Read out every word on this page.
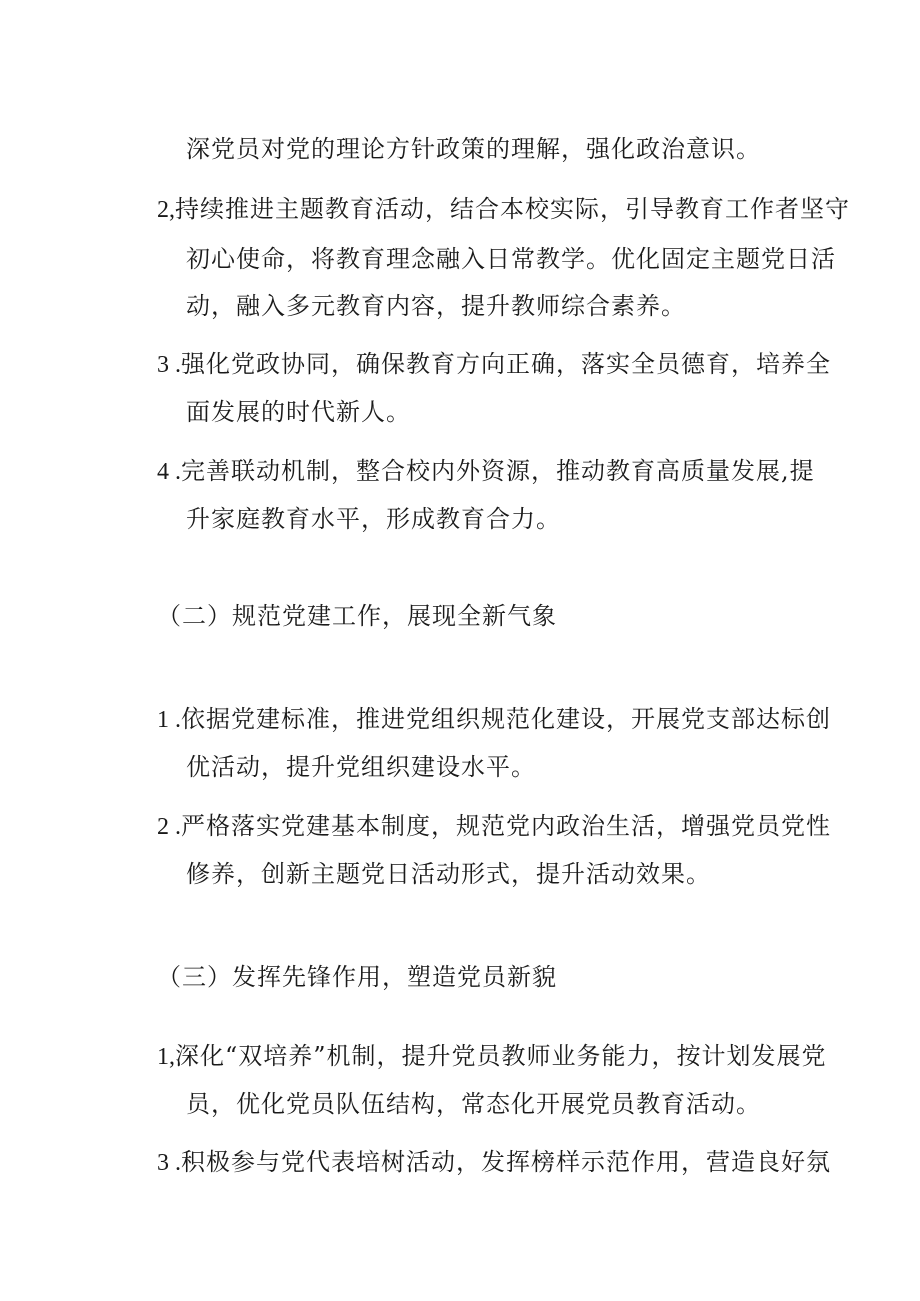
深党员对党的理论方针政策的理解，强化政治意识。
2,持续推进主题教育活动，结合本校实际，引导教育工作者坚守
初心使命，将教育理念融入日常教学。优化固定主题党日活
动，融入多元教育内容，提升教师综合素养。
3 .强化党政协同，确保教育方向正确，落实全员德育，培养全
面发展的时代新人。
4 .完善联动机制，整合校内外资源，推动教育高质量发展,提
升家庭教育水平，形成教育合力。
（二）规范党建工作，展现全新气象
1 .依据党建标准，推进党组织规范化建设，开展党支部达标创
优活动，提升党组织建设水平。
2 .严格落实党建基本制度，规范党内政治生活，增强党员党性
修养，创新主题党日活动形式，提升活动效果。
（三）发挥先锋作用，塑造党员新貌
1,深化“双培养”机制，提升党员教师业务能力，按计划发展党
员，优化党员队伍结构，常态化开展党员教育活动。
3 .积极参与党代表培树活动，发挥榜样示范作用，营造良好氛
